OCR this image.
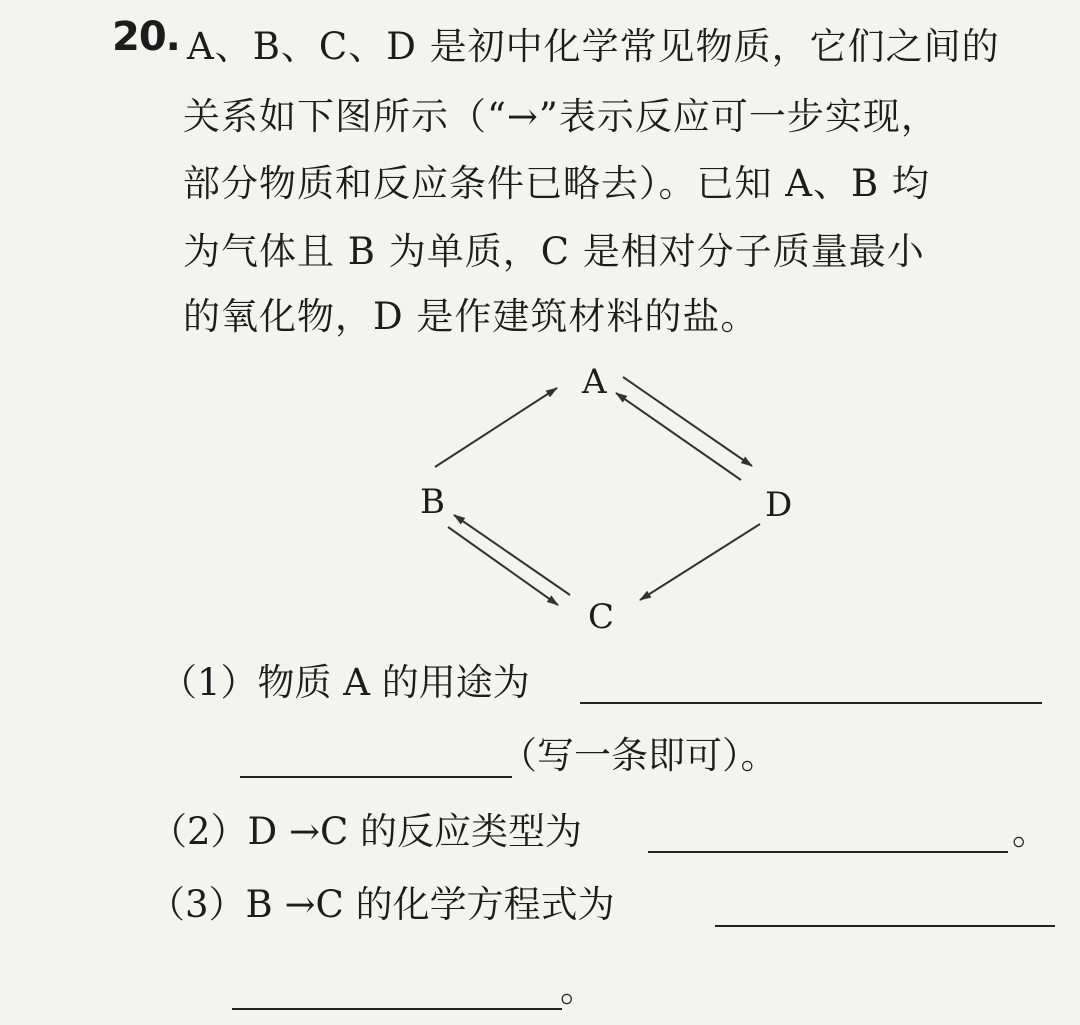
20. A、B、C、D 是初中化学常见物质，它们之间的
关系如下图所示（“→”表示反应可一步实现，
部分物质和反应条件已略去）。已知 A、B 均
为气体且 B 为单质，C 是相对分子质量最小
的氧化物，D 是作建筑材料的盐。
A
B	D
C
（1）物质 A 的用途为
（写一条即可）。
（2）D →C 的反应类型为	。
（3）B →C 的化学方程式为
。
